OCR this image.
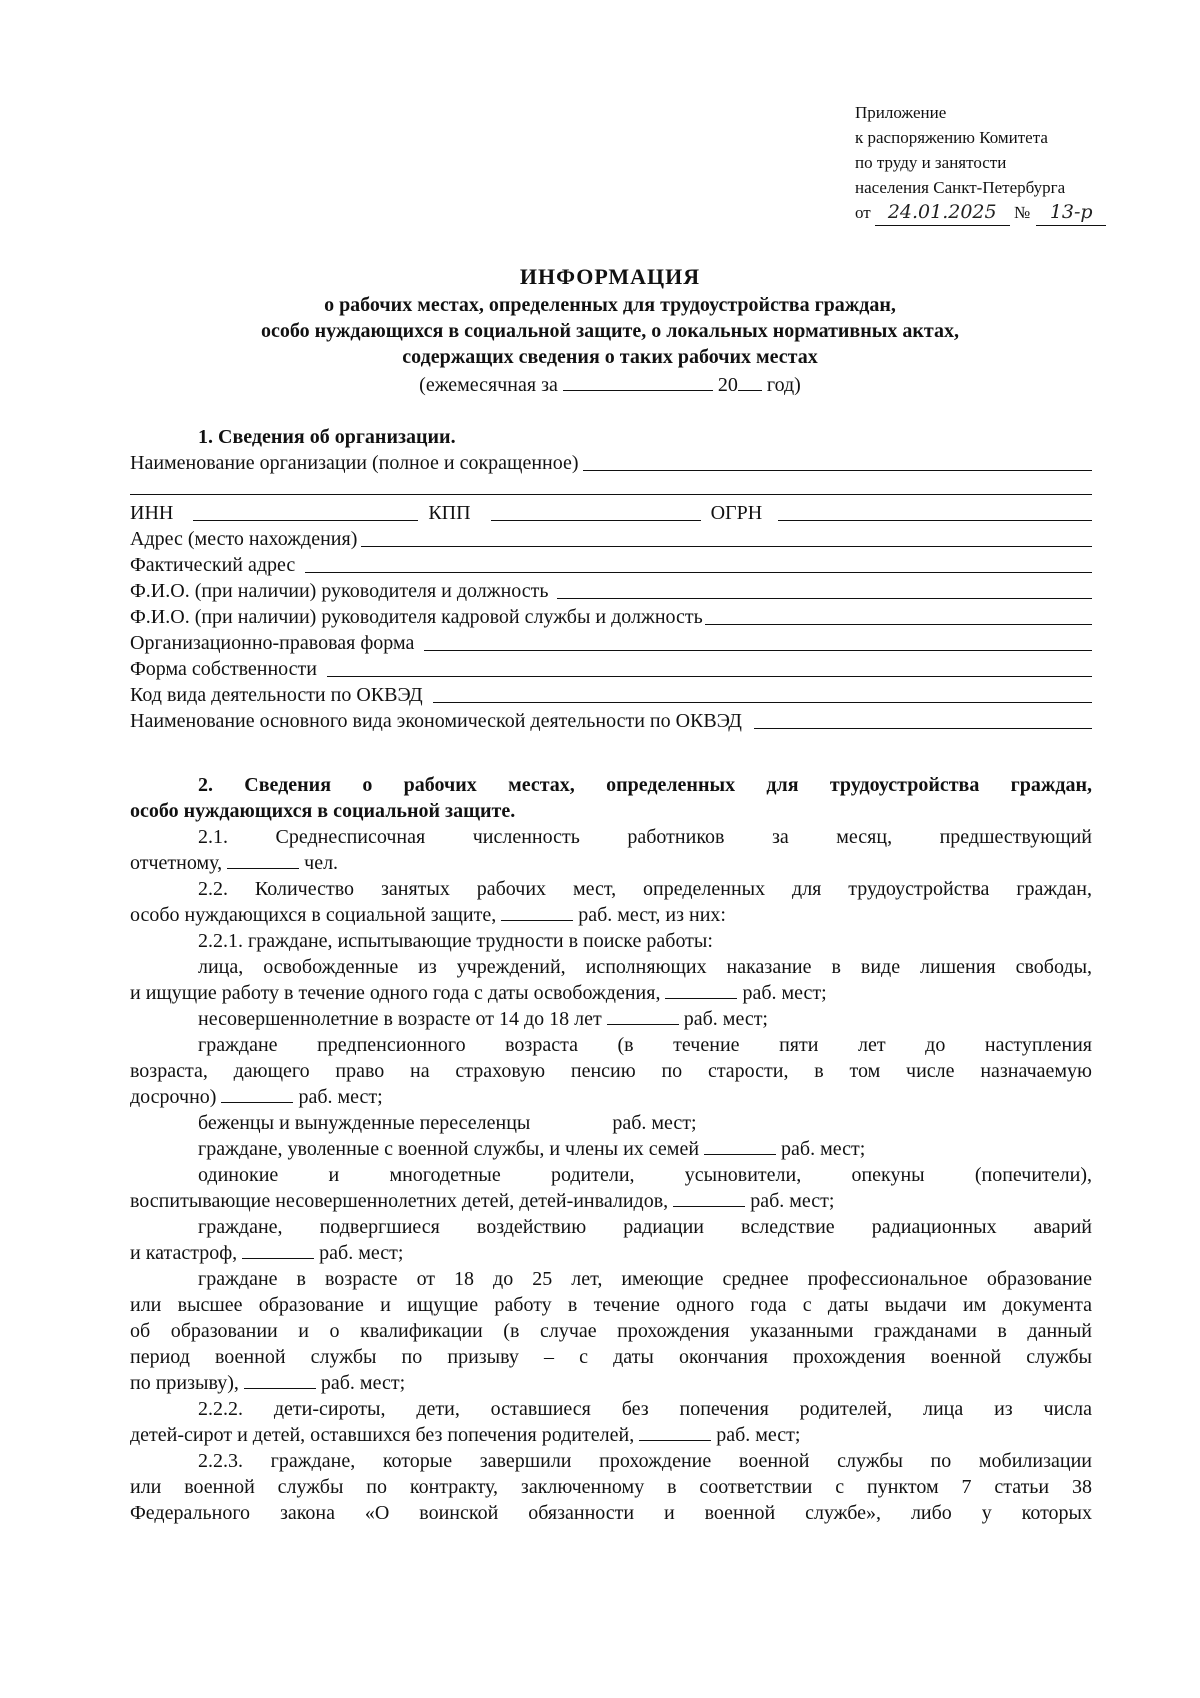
Приложение
к распоряжению Комитета
по труду и занятости
населения Санкт-Петербурга
от 24.01.2025 № 13-р
ИНФОРМАЦИЯ
о рабочих местах, определенных для трудоустройства граждан,
особо нуждающихся в социальной защите, о локальных нормативных актах,
содержащих сведения о таких рабочих местах
(ежемесячная за	20 год)
1. Сведения об организации.
Наименование организации (полное и сокращенное)
ИНН	КПП	ОГРН
Адрес (место нахождения)
Фактический адрес
Ф.И.О. (при наличии) руководителя и должность
Ф.И.О. (при наличии) руководителя кадровой службы и должность
Организационно-правовая форма
Форма собственности
Код вида деятельности по ОКВЭД
Наименование основного вида экономической деятельности по ОКВЭД
2. Сведения о рабочих местах, определенных для трудоустройства граждан,
особо нуждающихся в социальной защите.
2.1. Среднесписочная численность работников за месяц, предшествующий
отчетному,	чел.
2.2. Количество занятых рабочих мест, определенных для трудоустройства граждан,
особо нуждающихся в социальной защите,	раб. мест, из них:
2.2.1. граждане, испытывающие трудности в поиске работы:
лица, освобожденные из учреждений, исполняющих наказание в виде лишения свободы,
и ищущие работу в течение одного года с даты освобождения,	раб. мест;
несовершеннолетние в возрасте от 14 до 18 лет	раб. мест;
граждане предпенсионного возраста (в течение пяти лет до наступления
возраста, дающего право на страховую пенсию по старости, в том числе назначаемую
досрочно)	раб. мест;
беженцы и вынужденные переселенцы	раб. мест;
граждане, уволенные с военной службы, и члены их семей	раб. мест;
одинокие и многодетные родители, усыновители, опекуны (попечители),
воспитывающие несовершеннолетних детей, детей-инвалидов,	раб. мест;
граждане, подвергшиеся воздействию радиации вследствие радиационных аварий
и катастроф,	раб. мест;
граждане в возрасте от 18 до 25 лет, имеющие среднее профессиональное образование
или высшее образование и ищущие работу в течение одного года с даты выдачи им документа
об образовании и о квалификации (в случае прохождения указанными гражданами в данный
период военной службы по призыву – с даты окончания прохождения военной службы
по призыву),	раб. мест;
2.2.2. дети-сироты, дети, оставшиеся без попечения родителей, лица из числа
детей-сирот и детей, оставшихся без попечения родителей,	раб. мест;
2.2.3. граждане, которые завершили прохождение военной службы по мобилизации
или военной службы по контракту, заключенному в соответствии с пунктом 7 статьи 38
Федерального закона «О воинской обязанности и военной службе», либо у которых
